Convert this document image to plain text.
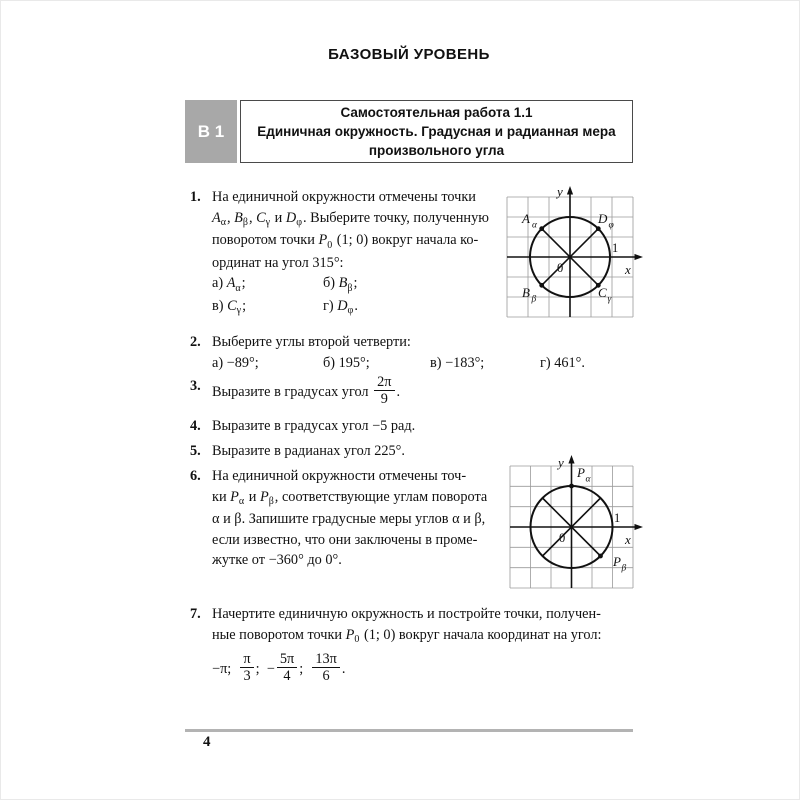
БАЗОВЫЙ УРОВЕНЬ
В 1
Самостоятельная работа 1.1
Единичная окружность. Градусная и радианная мера
произвольного угла
1. На единичной окружности отмечены точки
$A_\alpha$, $B_\beta$, $C_\gamma$ и $D_\varphi$. Выберите точку, полученную
поворотом точки $P_0$ (1; 0) вокруг начала ко-
ординат на угол 315°:
а) $A_\alpha$;	б) $B_\beta$;
в) $C_\gamma$;	г) $D_\varphi$.
y
x
0
1
A α	D φ
B β	C γ
2. Выберите углы второй четверти:
а) −89°;	б) 195°;	в) −183°;	г) 461°.
3. Выразите в градусах угол $\frac{2\pi}{9}$ .
4. Выразите в градусах угол −5 рад.
5. Выразите в радианах угол 225°.
6. На единичной окружности отмечены точ-
ки $P_\alpha$ и $P_\beta$, соответствующие углам поворота
α и β. Запишите градусные меры углов α и β,
если известно, что они заключены в проме-
жутке от −360° до 0°.
y
x
0
1
P α
P β
7. Начертите единичную окружность и постройте точки, получен-
ные поворотом точки $P_0$ (1; 0) вокруг начала координат на угол:
−π; $\frac{\pi}{3}$ ;  − $\frac{5\pi}{4}$ ; $\frac{13\pi}{6}$ .
4
